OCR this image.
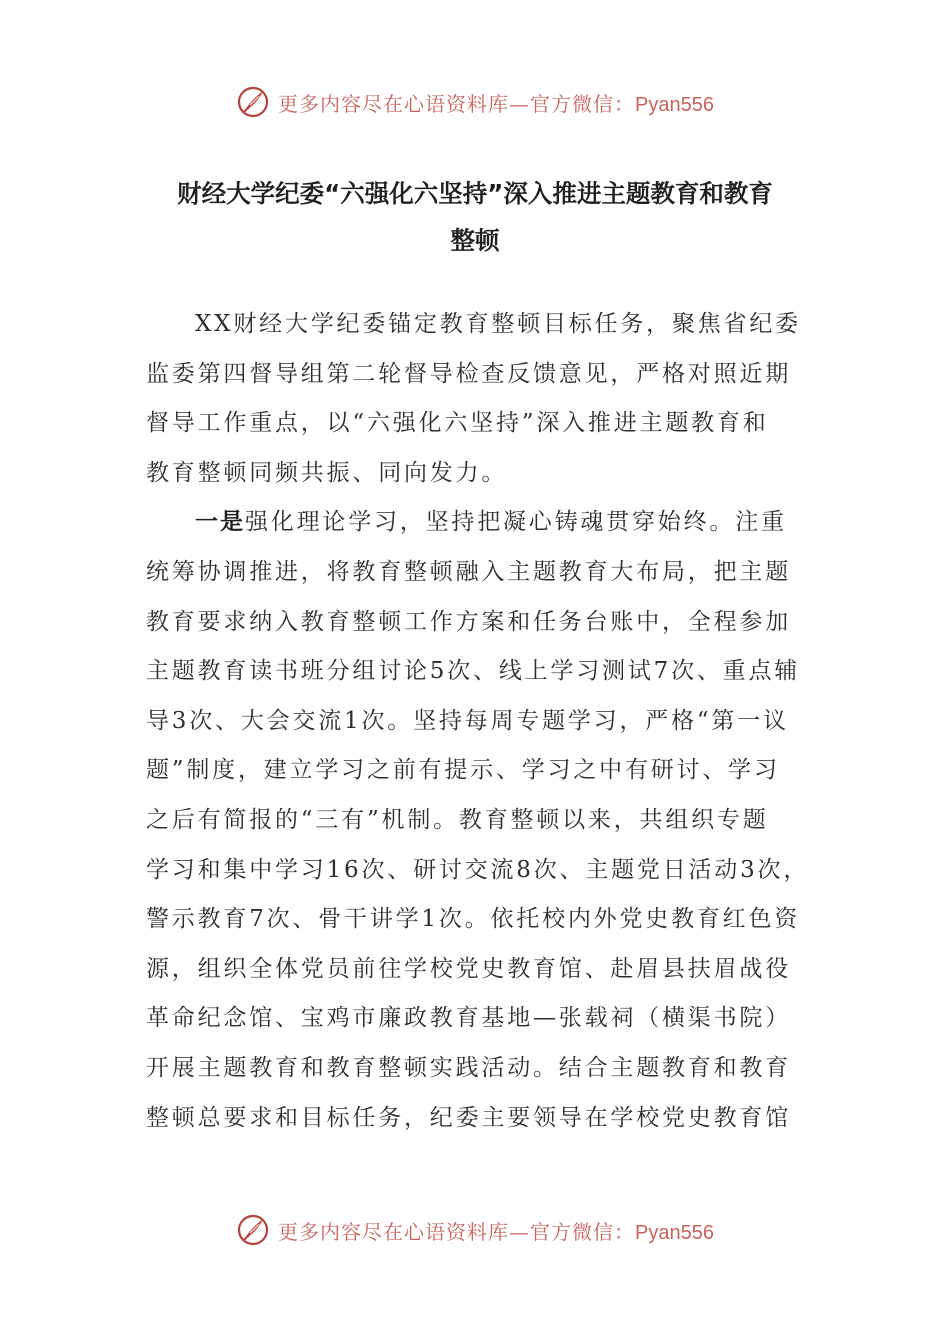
更多内容尽在心语资料库—官方微信：Pyan556
财经大学纪委“六强化六坚持”深入推进主题教育和教育
整顿
XX财经大学纪委锚定教育整顿目标任务，聚焦省纪委
监委第四督导组第二轮督导检查反馈意见，严格对照近期
督导工作重点，以“六强化六坚持”深入推进主题教育和
教育整顿同频共振、同向发力。
一是强化理论学习，坚持把凝心铸魂贯穿始终。注重
统筹协调推进，将教育整顿融入主题教育大布局，把主题
教育要求纳入教育整顿工作方案和任务台账中，全程参加
主题教育读书班分组讨论5次、线上学习测试7次、重点辅
导3次、大会交流1次。坚持每周专题学习，严格“第一议
题”制度，建立学习之前有提示、学习之中有研讨、学习
之后有简报的“三有”机制。教育整顿以来，共组织专题
学习和集中学习16次、研讨交流8次、主题党日活动3次，
警示教育7次、骨干讲学1次。依托校内外党史教育红色资
源，组织全体党员前往学校党史教育馆、赴眉县扶眉战役
革命纪念馆、宝鸡市廉政教育基地—张载祠（横渠书院）
开展主题教育和教育整顿实践活动。结合主题教育和教育
整顿总要求和目标任务，纪委主要领导在学校党史教育馆
更多内容尽在心语资料库—官方微信：Pyan556
